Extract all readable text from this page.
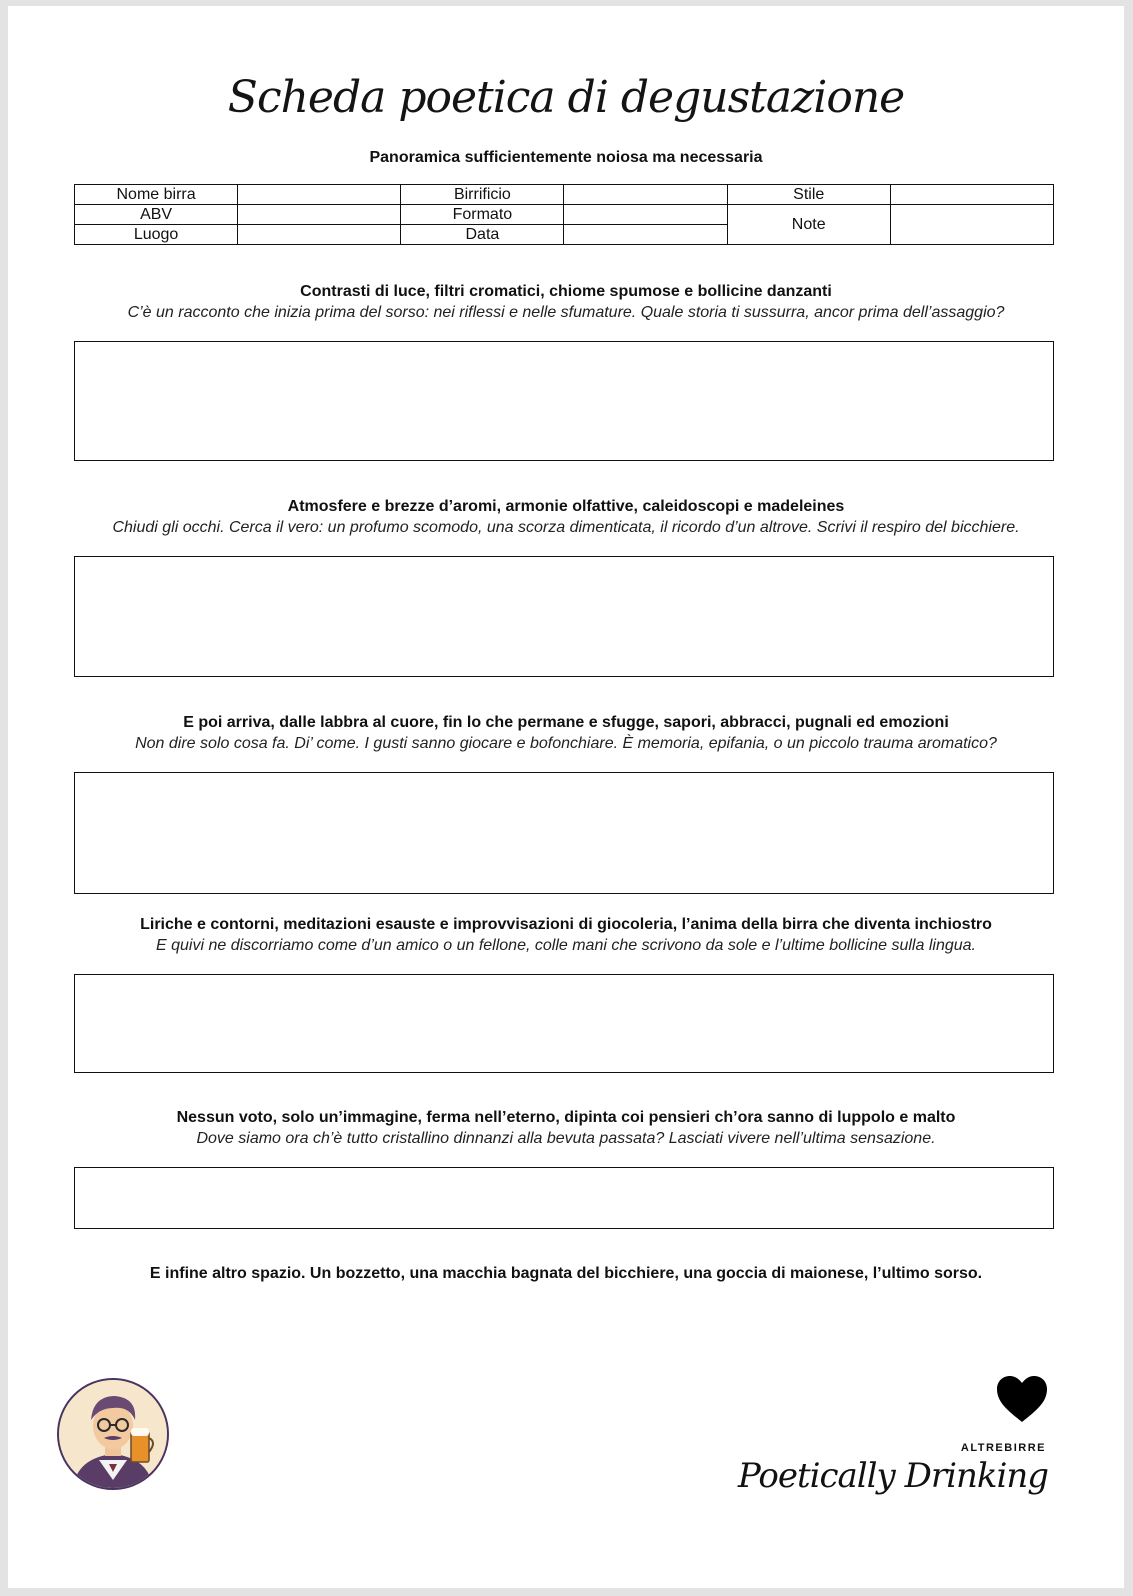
Scheda poetica di degustazione
Panoramica sufficientemente noiosa ma necessaria
Nome birra		Birrificio		Stile	
ABV		Formato		Note	
Luogo		Data			
Contrasti di luce, filtri cromatici, chiome spumose e bollicine danzanti
C’è un racconto che inizia prima del sorso: nei riflessi e nelle sfumature. Quale storia ti sussurra, ancor prima dell’assaggio?
Atmosfere e brezze d’aromi, armonie olfattive, caleidoscopi e madeleines
Chiudi gli occhi. Cerca il vero: un profumo scomodo, una scorza dimenticata, il ricordo d’un altrove. Scrivi il respiro del bicchiere.
E poi arriva, dalle labbra al cuore, fin lo che permane e sfugge, sapori, abbracci, pugnali ed emozioni
Non dire solo cosa fa. Di’ come. I gusti sanno giocare e bofonchiare. È memoria, epifania, o un piccolo trauma aromatico?
Liriche e contorni, meditazioni esauste e improvvisazioni di giocoleria, l’anima della birra che diventa inchiostro
E quivi ne discorriamo come d’un amico o un fellone, colle mani che scrivono da sole e l’ultime bollicine sulla lingua.
Nessun voto, solo un’immagine, ferma nell’eterno, dipinta coi pensieri ch’ora sanno di luppolo e malto
Dove siamo ora ch’è tutto cristallino dinnanzi alla bevuta passata? Lasciati vivere nell’ultima sensazione.
E infine altro spazio. Un bozzetto, una macchia bagnata del bicchiere, una goccia di maionese, l’ultimo sorso.
ALTREBIRRE
Poetically Drinking
